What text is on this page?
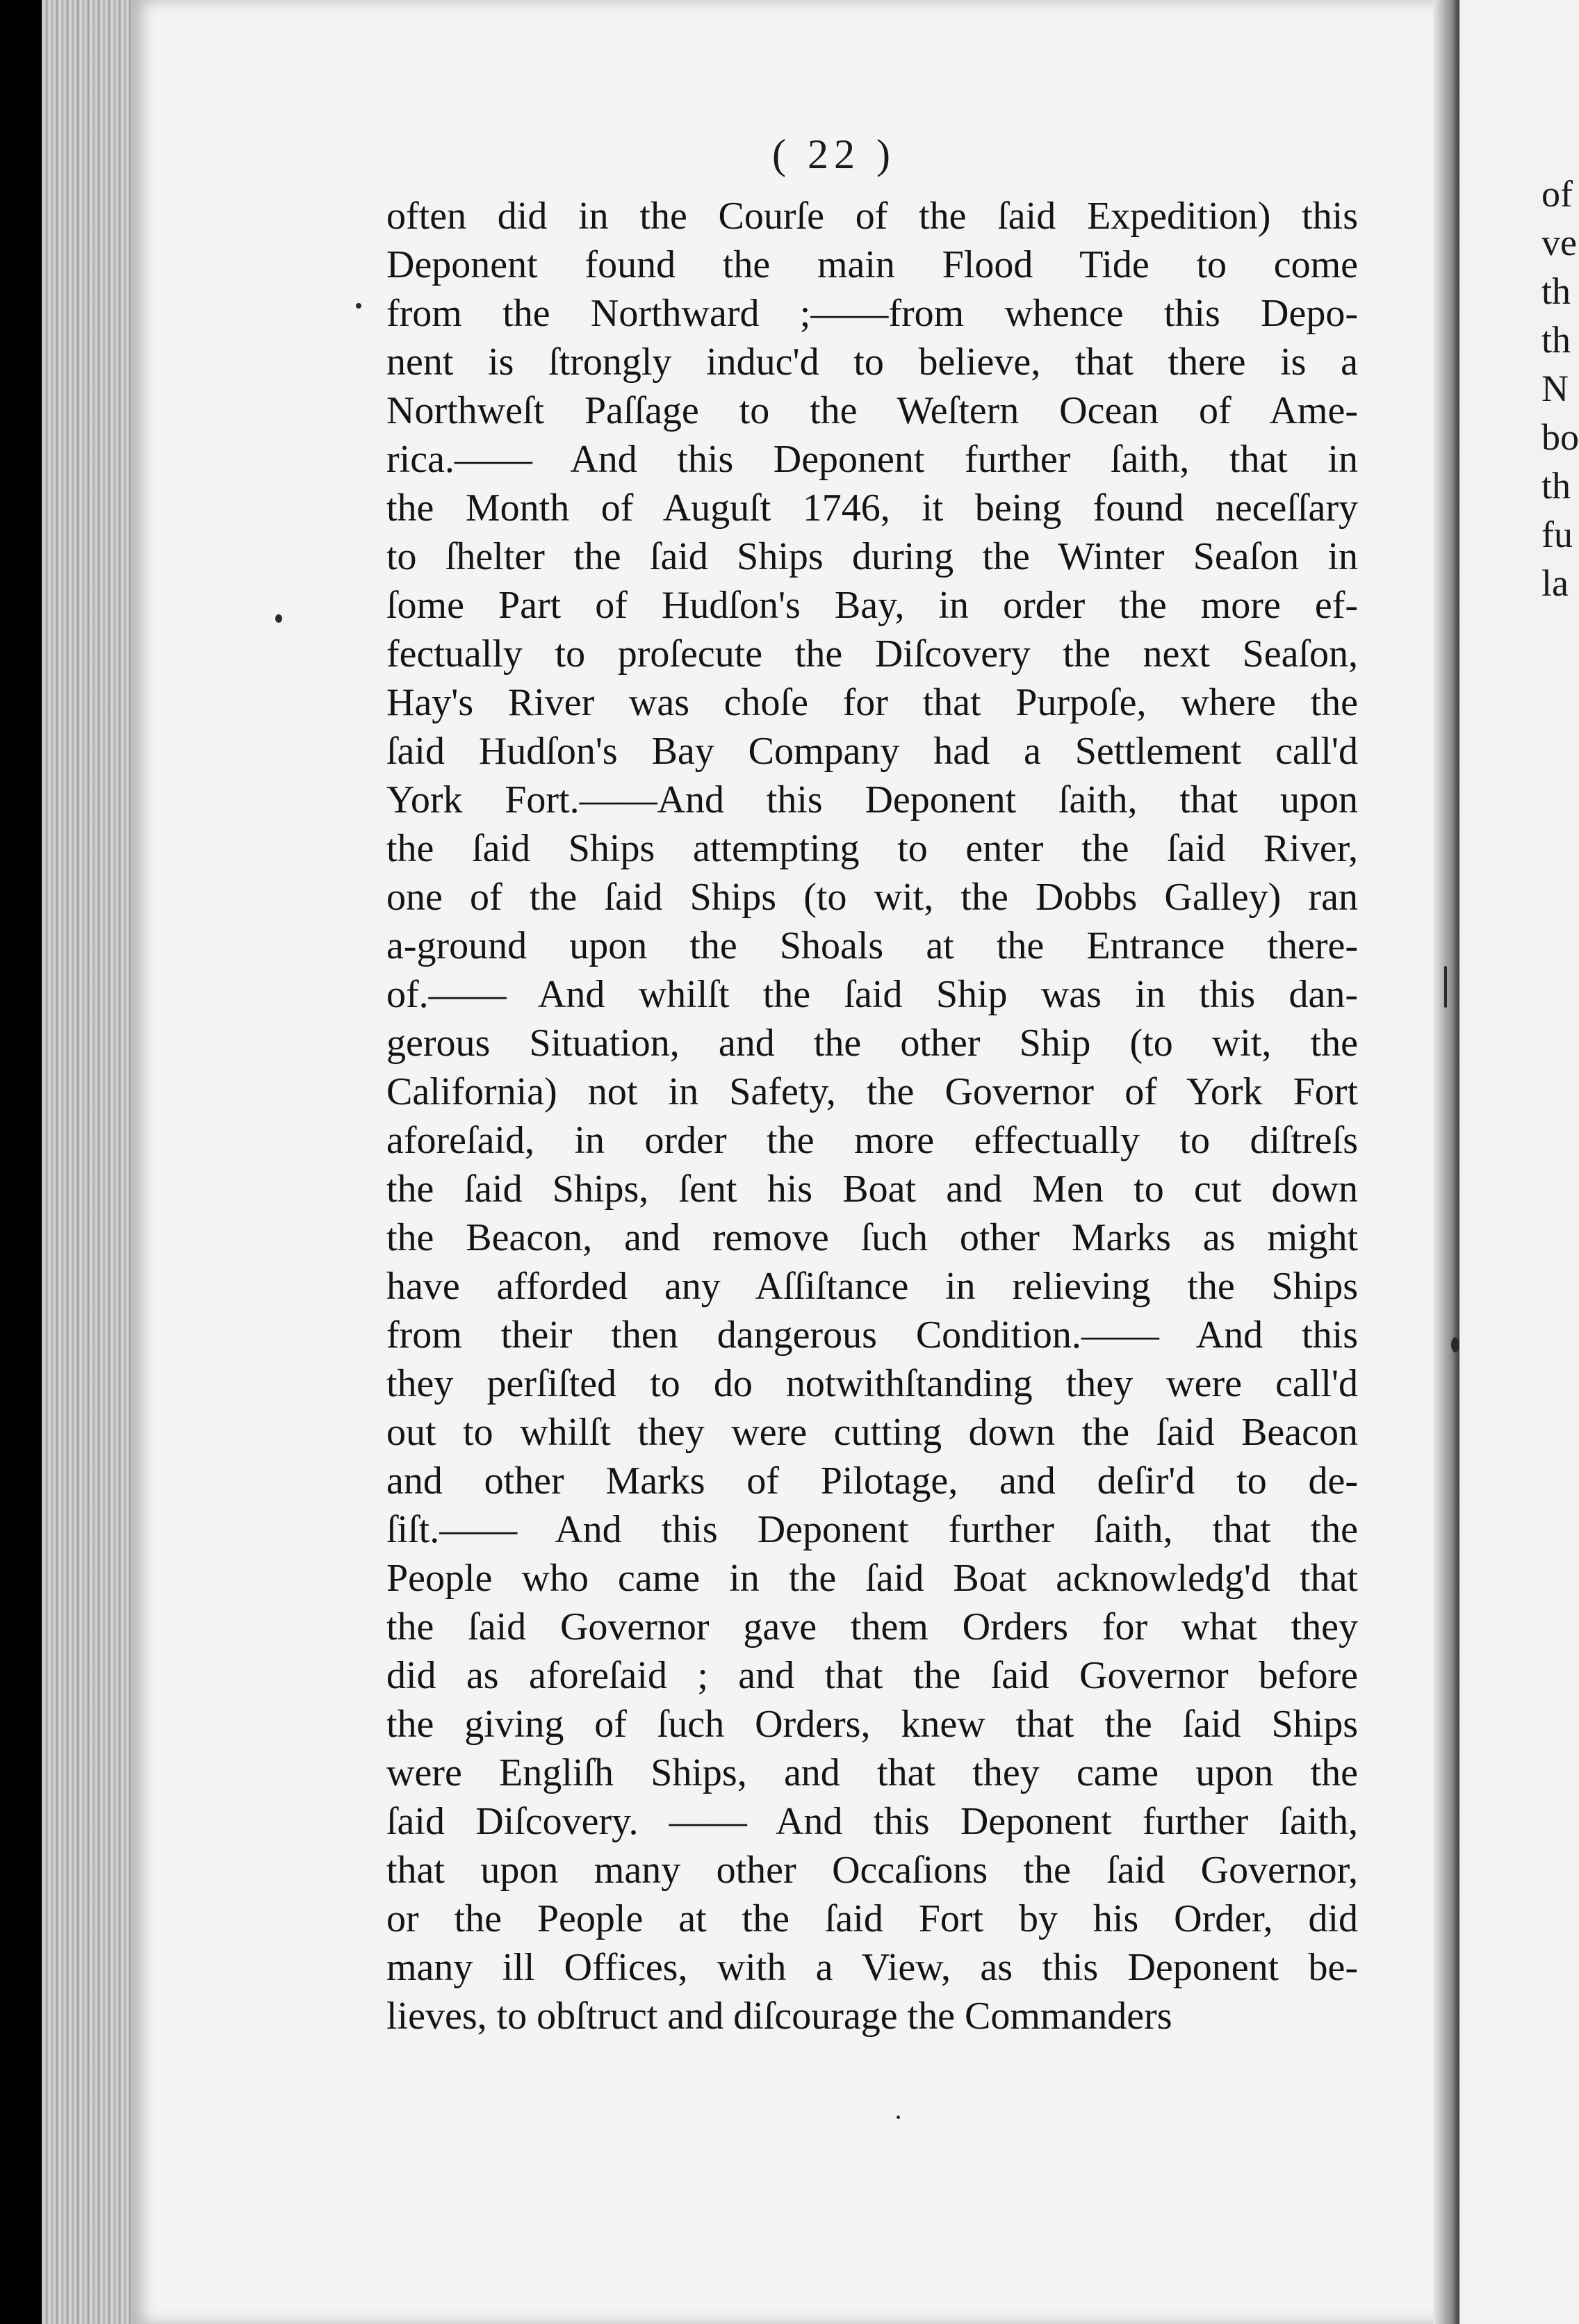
of
ve
th
th
N
bo
th
fu
la
( 22 )
often did in the Courſe of the ſaid Expedition) this
Deponent found the main Flood Tide to come
from the Northward ;——from whence this Depo-
nent is ſtrongly induc'd to believe, that there is a
Northweſt Paſſage to the Weſtern Ocean of Ame-
rica.—— And this Deponent further ſaith, that in
the Month of Auguſt 1746, it being found neceſſary
to ſhelter the ſaid Ships during the Winter Seaſon in
ſome Part of Hudſon's Bay, in order the more ef-
fectually to proſecute the Diſcovery the next Seaſon,
Hay's River was choſe for that Purpoſe, where the
ſaid Hudſon's Bay Company had a Settlement call'd
York Fort.——And this Deponent ſaith, that upon
the ſaid Ships attempting to enter the ſaid River,
one of the ſaid Ships (to wit, the Dobbs Galley) ran
a-ground upon the Shoals at the Entrance there-
of.—— And whilſt the ſaid Ship was in this dan-
gerous Situation, and the other Ship (to wit, the
California) not in Safety, the Governor of York Fort
aforeſaid, in order the more effectually to diſtreſs
the ſaid Ships, ſent his Boat and Men to cut down
the Beacon, and remove ſuch other Marks as might
have afforded any Aſſiſtance in relieving the Ships
from their then dangerous Condition.—— And this
they perſiſted to do notwithſtanding they were call'd
out to whilſt they were cutting down the ſaid Beacon
and other Marks of Pilotage, and deſir'd to de-
ſiſt.—— And this Deponent further ſaith, that the
People who came in the ſaid Boat acknowledg'd that
the ſaid Governor gave them Orders for what they
did as aforeſaid ; and that the ſaid Governor before
the giving of ſuch Orders, knew that the ſaid Ships
were Engliſh Ships, and that they came upon the
ſaid Diſcovery. —— And this Deponent further ſaith,
that upon many other Occaſions the ſaid Governor,
or the People at the ſaid Fort by his Order, did
many ill Offices, with a View, as this Deponent be-
lieves, to obſtruct and diſcourage the Commanders
